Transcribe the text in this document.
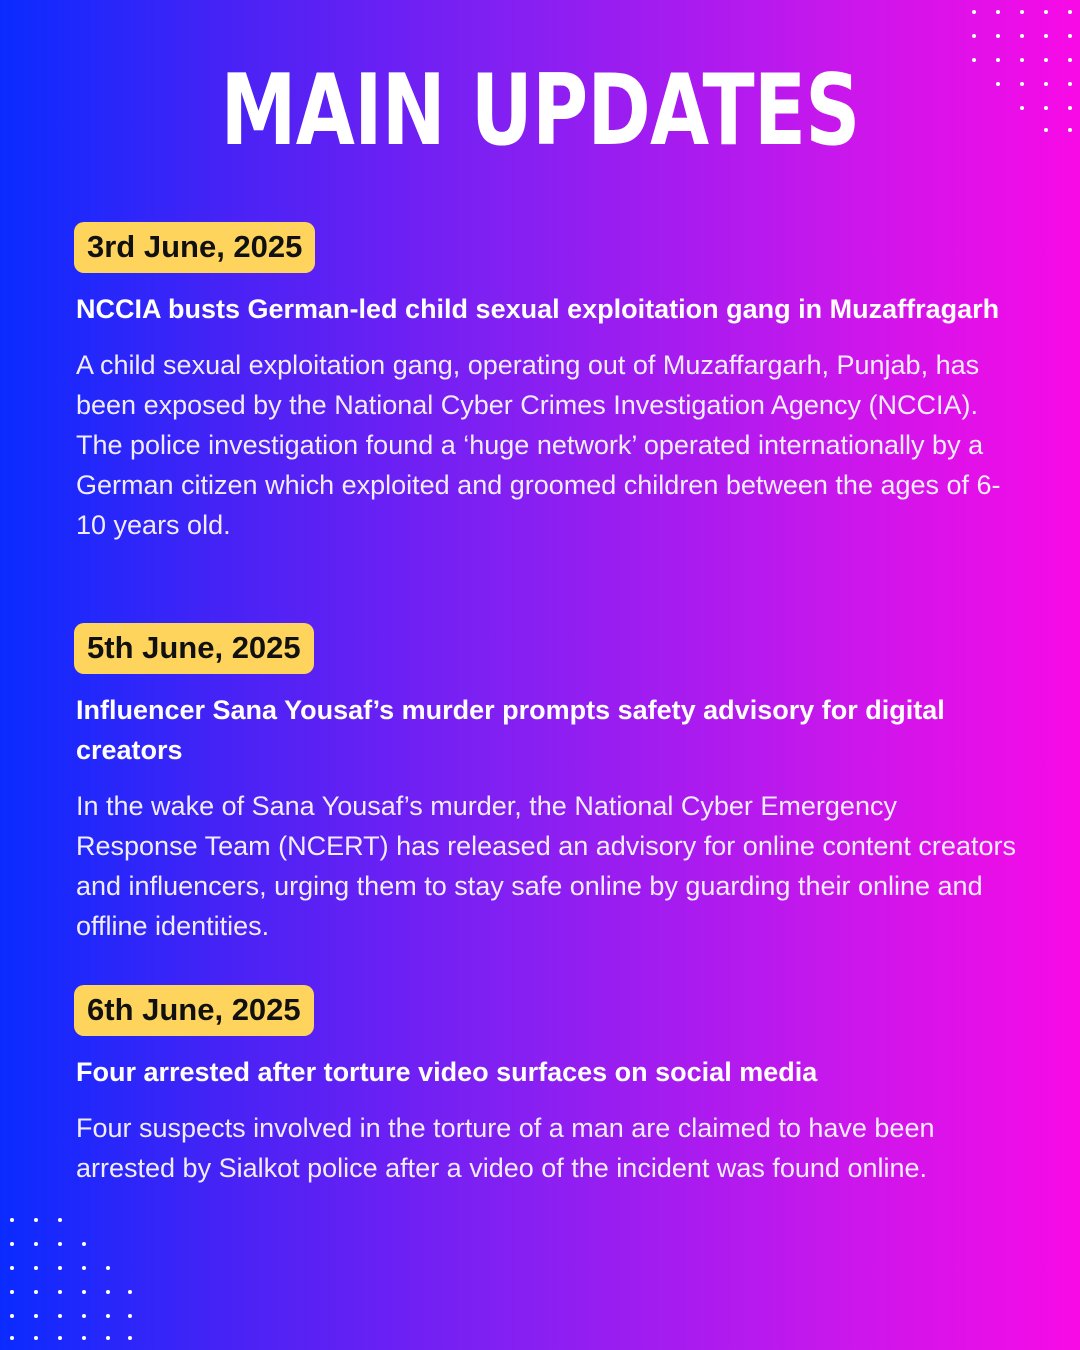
MAIN UPDATES
3rd June, 2025
NCCIA busts German-led child sexual exploitation gang in Muzaffragarh
A child sexual exploitation gang, operating out of Muzaffargarh, Punjab, has been exposed by the National Cyber Crimes Investigation Agency (NCCIA). The police investigation found a ‘huge network’ operated internationally by a German citizen which exploited and groomed children between the ages of 6-10 years old.
5th June, 2025
Influencer Sana Yousaf’s murder prompts safety advisory for digital creators
In the wake of Sana Yousaf’s murder, the National Cyber Emergency Response Team (NCERT) has released an advisory for online content creators and influencers, urging them to stay safe online by guarding their online and offline identities.
6th June, 2025
Four arrested after torture video surfaces on social media
Four suspects involved in the torture of a man are claimed to have been arrested by Sialkot police after a video of the incident was found online.
